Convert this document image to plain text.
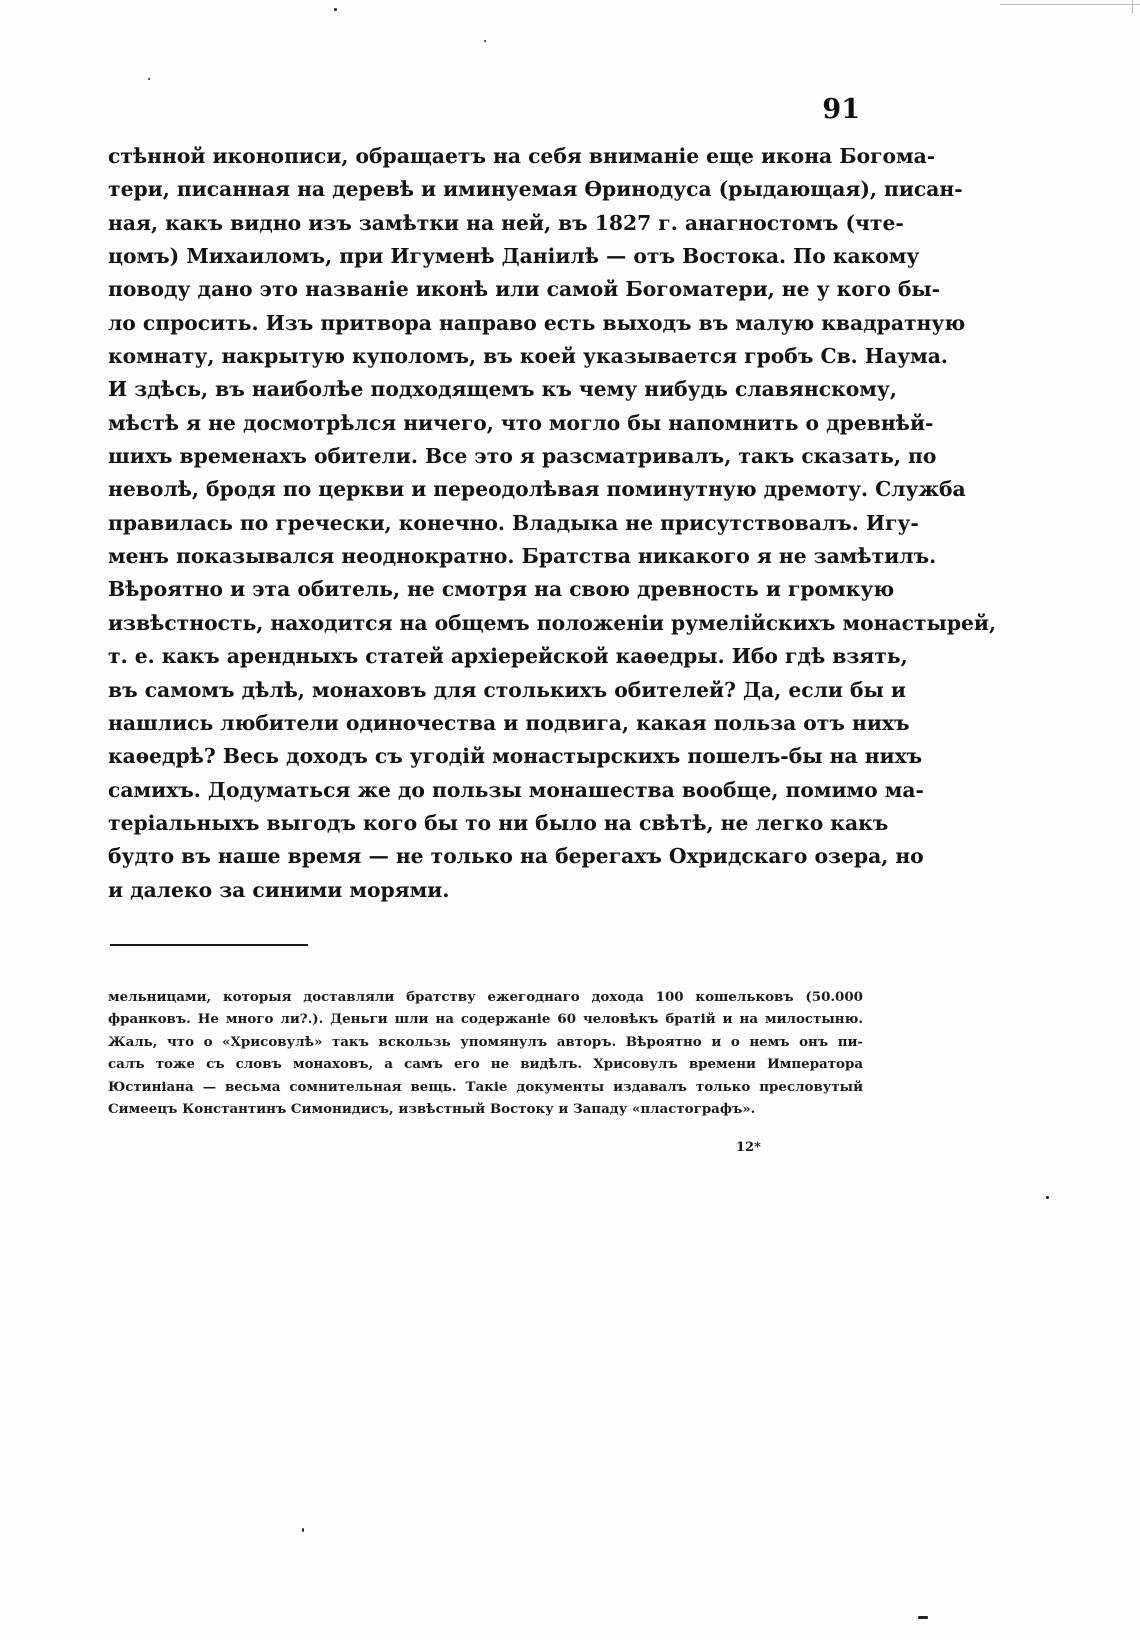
91
стѣнной иконописи, обращаетъ на себя вниманіе еще икона Богома-
тери, писанная на деревѣ и иминуемая Ѳринодуса (рыдающая), писан-
ная, какъ видно изъ замѣтки на ней, въ 1827 г. анагностомъ (чте-
цомъ) Михаиломъ, при Игуменѣ Даніилѣ — отъ Востока. По какому
поводу дано это названіе иконѣ или самой Богоматери, не у кого бы-
ло спросить. Изъ притвора направо есть выходъ въ малую квадратную
комнату, накрытую куполомъ, въ коей указывается гробъ Св. Наума.
И здѣсь, въ наиболѣе подходящемъ къ чему нибудь славянскому,
мѣстѣ я не досмотрѣлся ничего, что могло бы напомнить о древнѣй-
шихъ временахъ обители. Все это я разсматривалъ, такъ сказать, по
неволѣ, бродя по церкви и переодолѣвая поминутную дремоту. Служба
правилась по гречески, конечно. Владыка не присутствовалъ. Игу-
менъ показывался неоднократно. Братства никакого я не замѣтилъ.
Вѣроятно и эта обитель, не смотря на свою древность и громкую
извѣстность, находится на общемъ положеніи румелійскихъ монастырей,
т. е. какъ арендныхъ статей архіерейской каѳедры. Ибо гдѣ взять,
въ самомъ дѣлѣ, монаховъ для столькихъ обителей? Да, если бы и
нашлись любители одиночества и подвига, какая польза отъ нихъ
каѳедрѣ? Весь доходъ съ угодій монастырскихъ пошелъ-бы на нихъ
самихъ. Додуматься же до пользы монашества вообще, помимо ма-
теріальныхъ выгодъ кого бы то ни было на свѣтѣ, не легко какъ
будто въ наше время — не только на берегахъ Охридскаго озера, но
и далеко за синими морями.
мельницами, которыя доставляли братству ежегоднаго дохода 100 кошельковъ (50.000
франковъ. Не много ли?.). Деньги шли на содержаніе 60 человѣкъ братій и на милостыню.
Жаль, что о «Хрисовулѣ» такъ вскользь упомянулъ авторъ. Вѣроятно и о немъ онъ пи-
салъ тоже съ словъ монаховъ, а самъ его не видѣлъ. Хрисовулъ времени Императора
Юстиніана — весьма сомнительная вещь. Такіе документы издавалъ только пресловутый
Симеецъ Константинъ Симонидисъ, извѣстный Востоку и Западу «пластографъ».
12*
